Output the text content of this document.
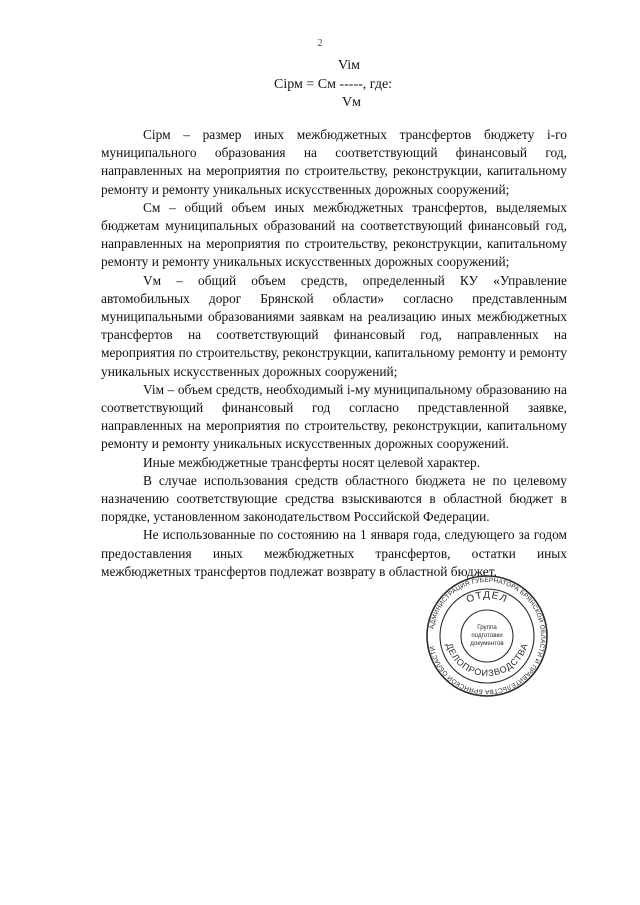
2
Viм
Ciрм = Cм -----, где:
Vм

Ciрм – размер иных межбюджетных трансфертов бюджету i-го муниципального образования на соответствующий финансовый год, направленных на мероприятия по строительству, реконструкции, капитальному ремонту и ремонту уникальных искусственных дорожных сооружений;

Cм – общий объем иных межбюджетных трансфертов, выделяемых бюджетам муниципальных образований на соответствующий финансовый год, направленных на мероприятия по строительству, реконструкции, капитальному ремонту и ремонту уникальных искусственных дорожных сооружений;

Vм – общий объем средств, определенный КУ «Управление автомобильных дорог Брянской области» согласно представленным муниципальными образованиями заявкам на реализацию иных межбюджетных трансфертов на соответствующий финансовый год, направленных на мероприятия по строительству, реконструкции, капитальному ремонту и ремонту уникальных искусственных дорожных сооружений;

Viм – объем средств, необходимый i-му муниципальному образованию на соответствующий финансовый год согласно представленной заявке, направленных на мероприятия по строительству, реконструкции, капитальному ремонту и ремонту уникальных искусственных дорожных сооружений.

Иные межбюджетные трансферты носят целевой характер.

В случае использования средств областного бюджета не по целевому назначению соответствующие средства взыскиваются в областной бюджет в порядке, установленном законодательством Российской Федерации.

Не использованные по состоянию на 1 января года, следующего за годом предоставления иных межбюджетных трансфертов, остатки иных межбюджетных трансфертов подлежат возврату в областной бюджет.

АДМИНИСТРАЦИЯ ГУБЕРНАТОРА БРЯНСКОЙ ОБЛАСТИ И ПРАВИТЕЛЬСТВА БРЯНСКОЙ ОБЛАСТИ
ОТДЕЛ
ДЕЛОПРОИЗВОДСТВА
Группа
подготовки
документов
